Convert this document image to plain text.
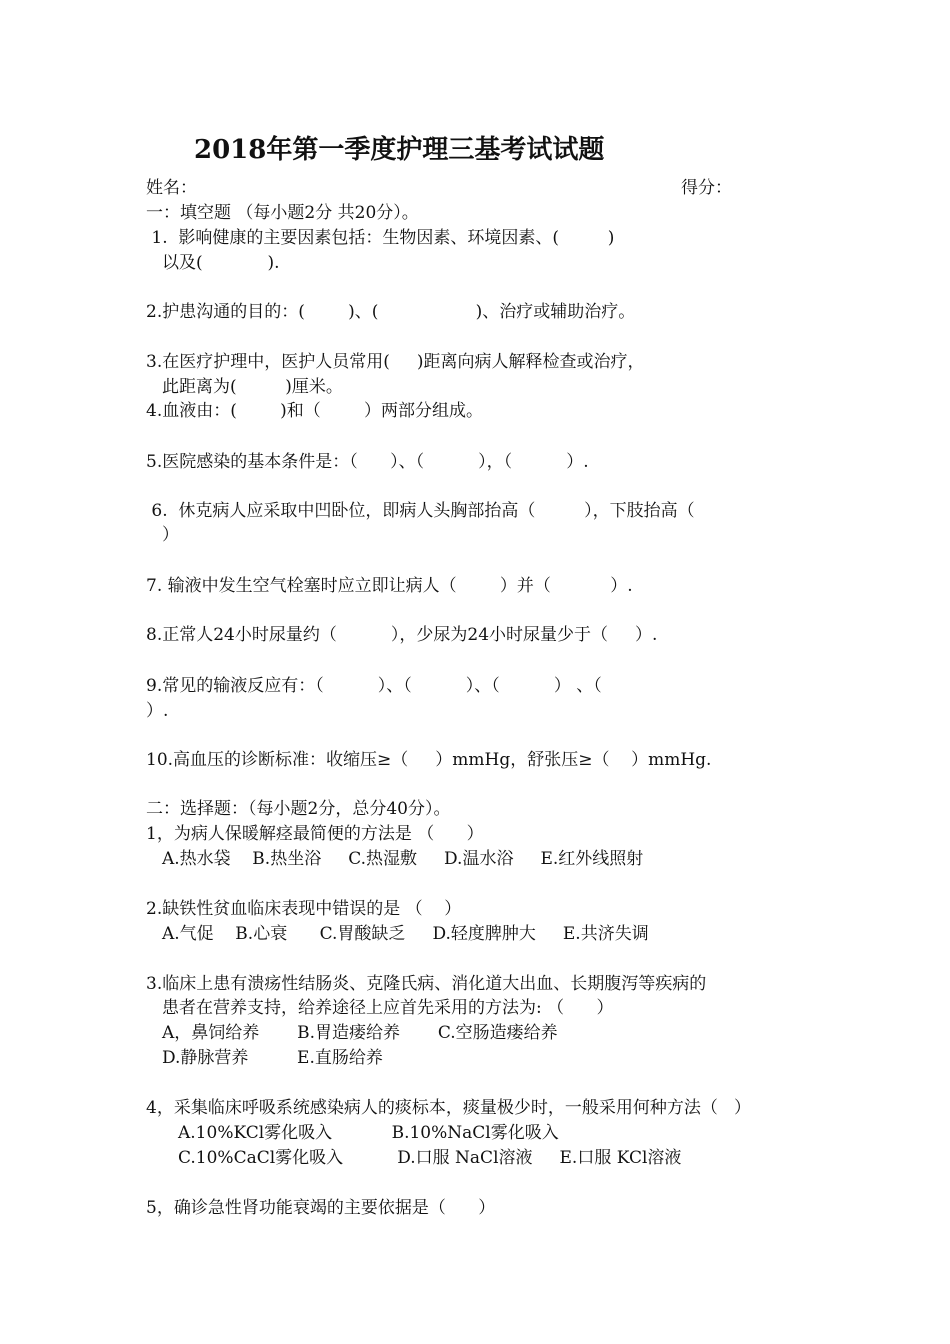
2018年第一季度护理三基考试试题
姓名：	得分：
一：填空题 （每小题2分 共20分）。
1.  影响健康的主要因素包括：生物因素、环境因素、(         )
以及(            ).
2.护患沟通的目的：(        )、(                  )、治疗或辅助治疗。
3.在医疗护理中，医护人员常用(     )距离向病人解释检查或治疗，
此距离为(         )厘米。
4.血液由：(        )和（        ）两部分组成。
5.医院感染的基本条件是：（      ）、（          ），（          ）.
6.  休克病人应采取中凹卧位，即病人头胸部抬高（         ），下肢抬高（
）
7. 输液中发生空气栓塞时应立即让病人（        ）并（           ）.
8.正常人24小时尿量约（          ），少尿为24小时尿量少于（     ）.
9.常见的输液反应有：（          ）、（          ）、（          ） 、（
）.
10.高血压的诊断标准：收缩压≥（     ）mmHg，舒张压≥（    ）mmHg.
二：选择题：（每小题2分，总分40分）。
1，为病人保暖解痉最简便的方法是 （      ）
A.热水袋    B.热坐浴     C.热湿敷     D.温水浴     E.红外线照射
2.缺铁性贫血临床表现中错误的是 （    ）
A.气促    B.心衰      C.胃酸缺乏     D.轻度脾肿大     E.共济失调
3.临床上患有溃疡性结肠炎、克隆氏病、消化道大出血、长期腹泻等疾病的
患者在营养支持，给养途径上应首先采用的方法为: （      ）
A，鼻饲给养       B.胃造瘘给养       C.空肠造瘘给养
D.静脉营养         E.直肠给养
4，采集临床呼吸系统感染病人的痰标本，痰量极少时，一般采用何种方法（   ）
A.10%KCl雾化吸入           B.10%NaCl雾化吸入
C.10%CaCl雾化吸入          D.口服 NaCl溶液     E.口服 KCl溶液
5，确诊急性肾功能衰竭的主要依据是（      ）
